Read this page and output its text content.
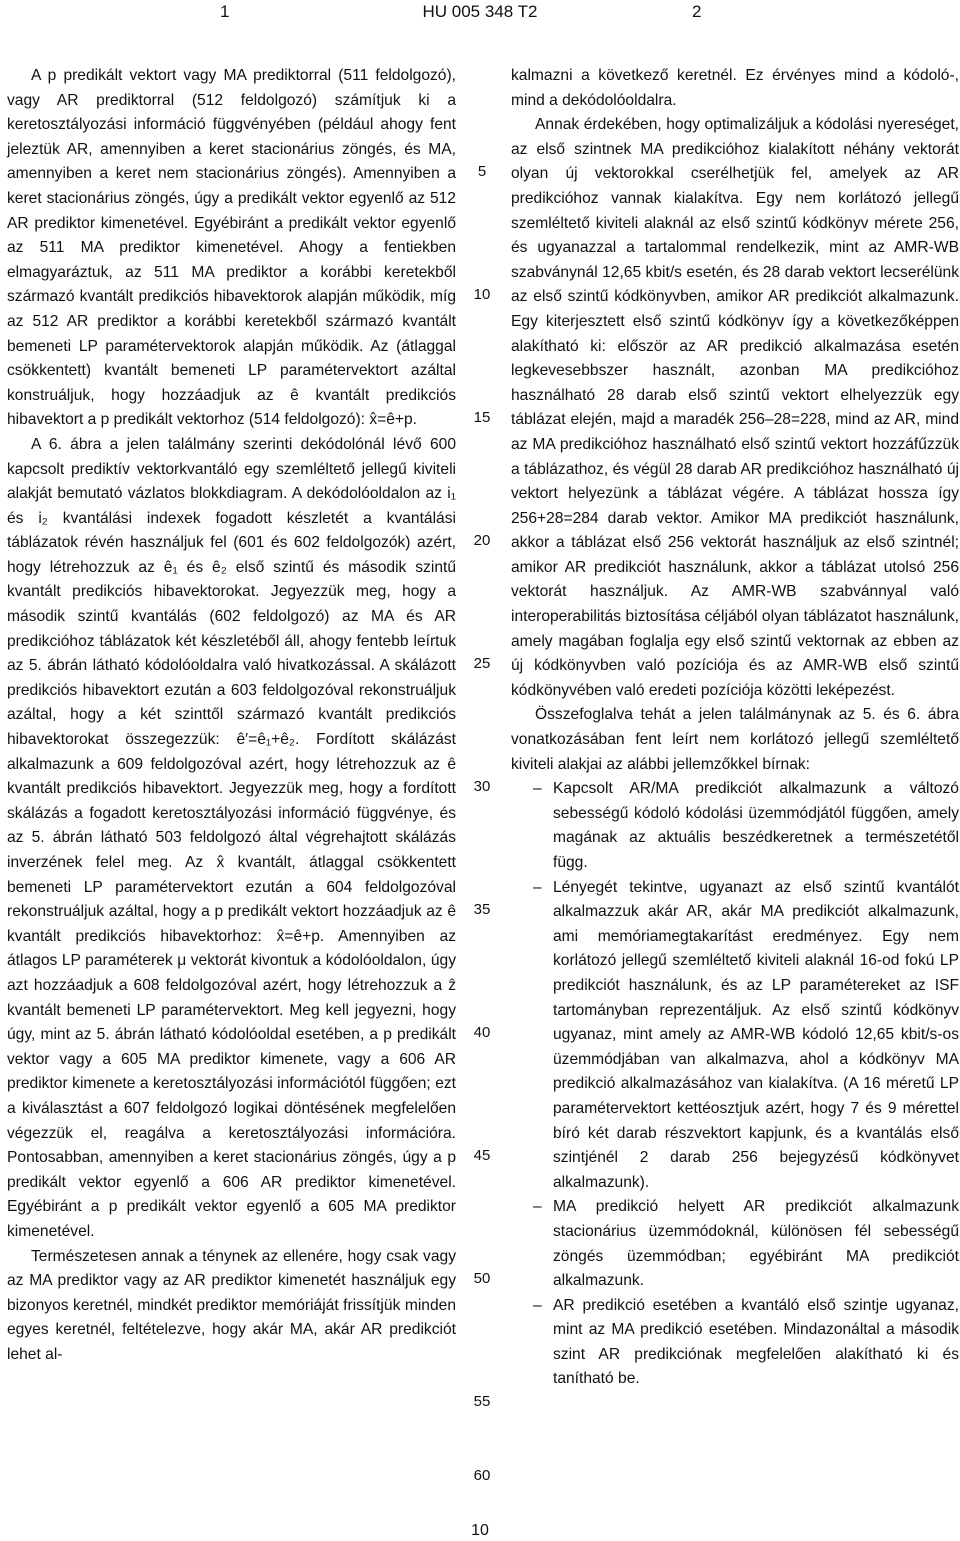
1	HU 005 348 T2	2

A p predikált vektort vagy MA prediktorral (511 feldolgozó), vagy AR prediktorral (512 feldolgozó) számítjuk ki a keretosztályozási információ függvényében (például ahogy fent jeleztük AR, amennyiben a keret stacionárius zöngés, és MA, amennyiben a keret nem stacionárius zöngés). Amennyiben a keret stacionárius zöngés, úgy a predikált vektor egyenlő az 512 AR prediktor kimenetével. Egyébiránt a predikált vektor egyenlő az 511 MA prediktor kimenetével. Ahogy a fentiekben elmagyaráztuk, az 511 MA prediktor a korábbi keretekből származó kvantált predikciós hibavektorok alapján működik, míg az 512 AR prediktor a korábbi keretekből származó kvantált bemeneti LP paramétervektorok alapján működik. Az (átlaggal csökkentett) kvantált bemeneti LP paramétervektort azáltal konstruáljuk, hogy hozzáadjuk az ê kvantált predikciós hibavektort a p predikált vektorhoz (514 feldolgozó): x̂=ê+p.

A 6. ábra a jelen találmány szerinti dekódolónál lévő 600 kapcsolt prediktív vektorkvantáló egy szemléltető jellegű kiviteli alakját bemutató vázlatos blokkdiagram. A dekódolóoldalon az i₁ és i₂ kvantálási indexek fogadott készletét a kvantálási táblázatok révén használjuk fel (601 és 602 feldolgozók) azért, hogy létrehozzuk az ê₁ és ê₂ első szintű és második szintű kvantált predikciós hibavektorokat. Jegyezzük meg, hogy a második szintű kvantálás (602 feldolgozó) az MA és AR predikcióhoz táblázatok két készletéből áll, ahogy fentebb leírtuk az 5. ábrán látható kódolóoldalra való hivatkozással. A skálázott predikciós hibavektort ezután a 603 feldolgozóval rekonstruáljuk azáltal, hogy a két szinttől származó kvantált predikciós hibavektorokat összegezzük: ê′=ê₁+ê₂. Fordított skálázást alkalmazunk a 609 feldolgozóval azért, hogy létrehozzuk az ê kvantált predikciós hibavektort. Jegyezzük meg, hogy a fordított skálázás a fogadott keretosztályozási információ függvénye, és az 5. ábrán látható 503 feldolgozó által végrehajtott skálázás inverzének felel meg. Az x̂ kvantált, átlaggal csökkentett bemeneti LP paramétervektort ezután a 604 feldolgozóval rekonstruáljuk azáltal, hogy a p predikált vektort hozzáadjuk az ê kvantált predikciós hibavektorhoz: x̂=ê+p. Amennyiben az átlagos LP paraméterek μ vektorát kivontuk a kódolóoldalon, úgy azt hozzáadjuk a 608 feldolgozóval azért, hogy létrehozzuk a ẑ kvantált bemeneti LP paramétervektort. Meg kell jegyezni, hogy úgy, mint az 5. ábrán látható kódolóoldal esetében, a p predikált vektor vagy a 605 MA prediktor kimenete, vagy a 606 AR prediktor kimenete a keretosztályozási információtól függően; ezt a kiválasztást a 607 feldolgozó logikai döntésének megfelelően végezzük el, reagálva a keretosztályozási információra. Pontosabban, amennyiben a keret stacionárius zöngés, úgy a p predikált vektor egyenlő a 606 AR prediktor kimenetével. Egyébiránt a p predikált vektor egyenlő a 605 MA prediktor kimenetével.

Természetesen annak a ténynek az ellenére, hogy csak vagy az MA prediktor vagy az AR prediktor kimenetét használjuk egy bizonyos keretnél, mindkét prediktor memóriáját frissítjük minden egyes keretnél, feltételezve, hogy akár MA, akár AR predikciót lehet al-

5
10
15
20
25
30
35
40
45
50
55
60

kalmazni a következő keretnél. Ez érvényes mind a kódoló-, mind a dekódolóoldalra.

Annak érdekében, hogy optimalizáljuk a kódolási nyereséget, az első szintnek MA predikcióhoz kialakított néhány vektorát olyan új vektorokkal cserélhetjük fel, amelyek az AR predikcióhoz vannak kialakítva. Egy nem korlátozó jellegű szemléltető kiviteli alaknál az első szintű kódkönyv mérete 256, és ugyanazzal a tartalommal rendelkezik, mint az AMR-WB szabványnál 12,65 kbit/s esetén, és 28 darab vektort lecserélünk az első szintű kódkönyvben, amikor AR predikciót alkalmazunk. Egy kiterjesztett első szintű kódkönyv így a következőképpen alakítható ki: először az AR predikció alkalmazása esetén legkevesebbszer használt, azonban MA predikcióhoz használható 28 darab első szintű vektort elhelyezzük egy táblázat elején, majd a maradék 256–28=228, mind az AR, mind az MA predikcióhoz használható első szintű vektort hozzáfűzzük a táblázathoz, és végül 28 darab AR predikcióhoz használható új vektort helyezünk a táblázat végére. A táblázat hossza így 256+28=284 darab vektor. Amikor MA predikciót használunk, akkor a táblázat első 256 vektorát használjuk az első szintnél; amikor AR predikciót használunk, akkor a táblázat utolsó 256 vektorát használjuk. Az AMR-WB szabvánnyal való interoperabilitás biztosítása céljából olyan táblázatot használunk, amely magában foglalja egy első szintű vektornak az ebben az új kódkönyvben való pozíciója és az AMR-WB első szintű kódkönyvében való eredeti pozíciója közötti leképezést.

Összefoglalva tehát a jelen találmánynak az 5. és 6. ábra vonatkozásában fent leírt nem korlátozó jellegű szemléltető kiviteli alakjai az alábbi jellemzőkkel bírnak:

– Kapcsolt AR/MA predikciót alkalmazunk a változó sebességű kódoló kódolási üzemmódjától függően, amely magának az aktuális beszédkeretnek a természetétől függ.
– Lényegét tekintve, ugyanazt az első szintű kvantálót alkalmazzuk akár AR, akár MA predikciót alkalmazunk, ami memóriamegtakarítást eredményez. Egy nem korlátozó jellegű szemléltető kiviteli alaknál 16-od fokú LP predikciót használunk, és az LP paramétereket az ISF tartományban reprezentáljuk. Az első szintű kódkönyv ugyanaz, mint amely az AMR-WB kódoló 12,65 kbit/s-os üzemmódjában van alkalmazva, ahol a kódkönyv MA predikció alkalmazásához van kialakítva. (A 16 méretű LP paramétervektort kettéosztjuk azért, hogy 7 és 9 mérettel bíró két darab részvektort kapjunk, és a kvantálás első szintjénél 2 darab 256 bejegyzésű kódkönyvet alkalmazunk).
– MA predikció helyett AR predikciót alkalmazunk stacionárius üzemmódoknál, különösen fél sebességű zöngés üzemmódban; egyébiránt MA predikciót alkalmazunk.
– AR predikció esetében a kvantáló első szintje ugyanaz, mint az MA predikció esetében. Mindazonáltal a második szint AR predikciónak megfelelően alakítható ki és tanítható be.
10
